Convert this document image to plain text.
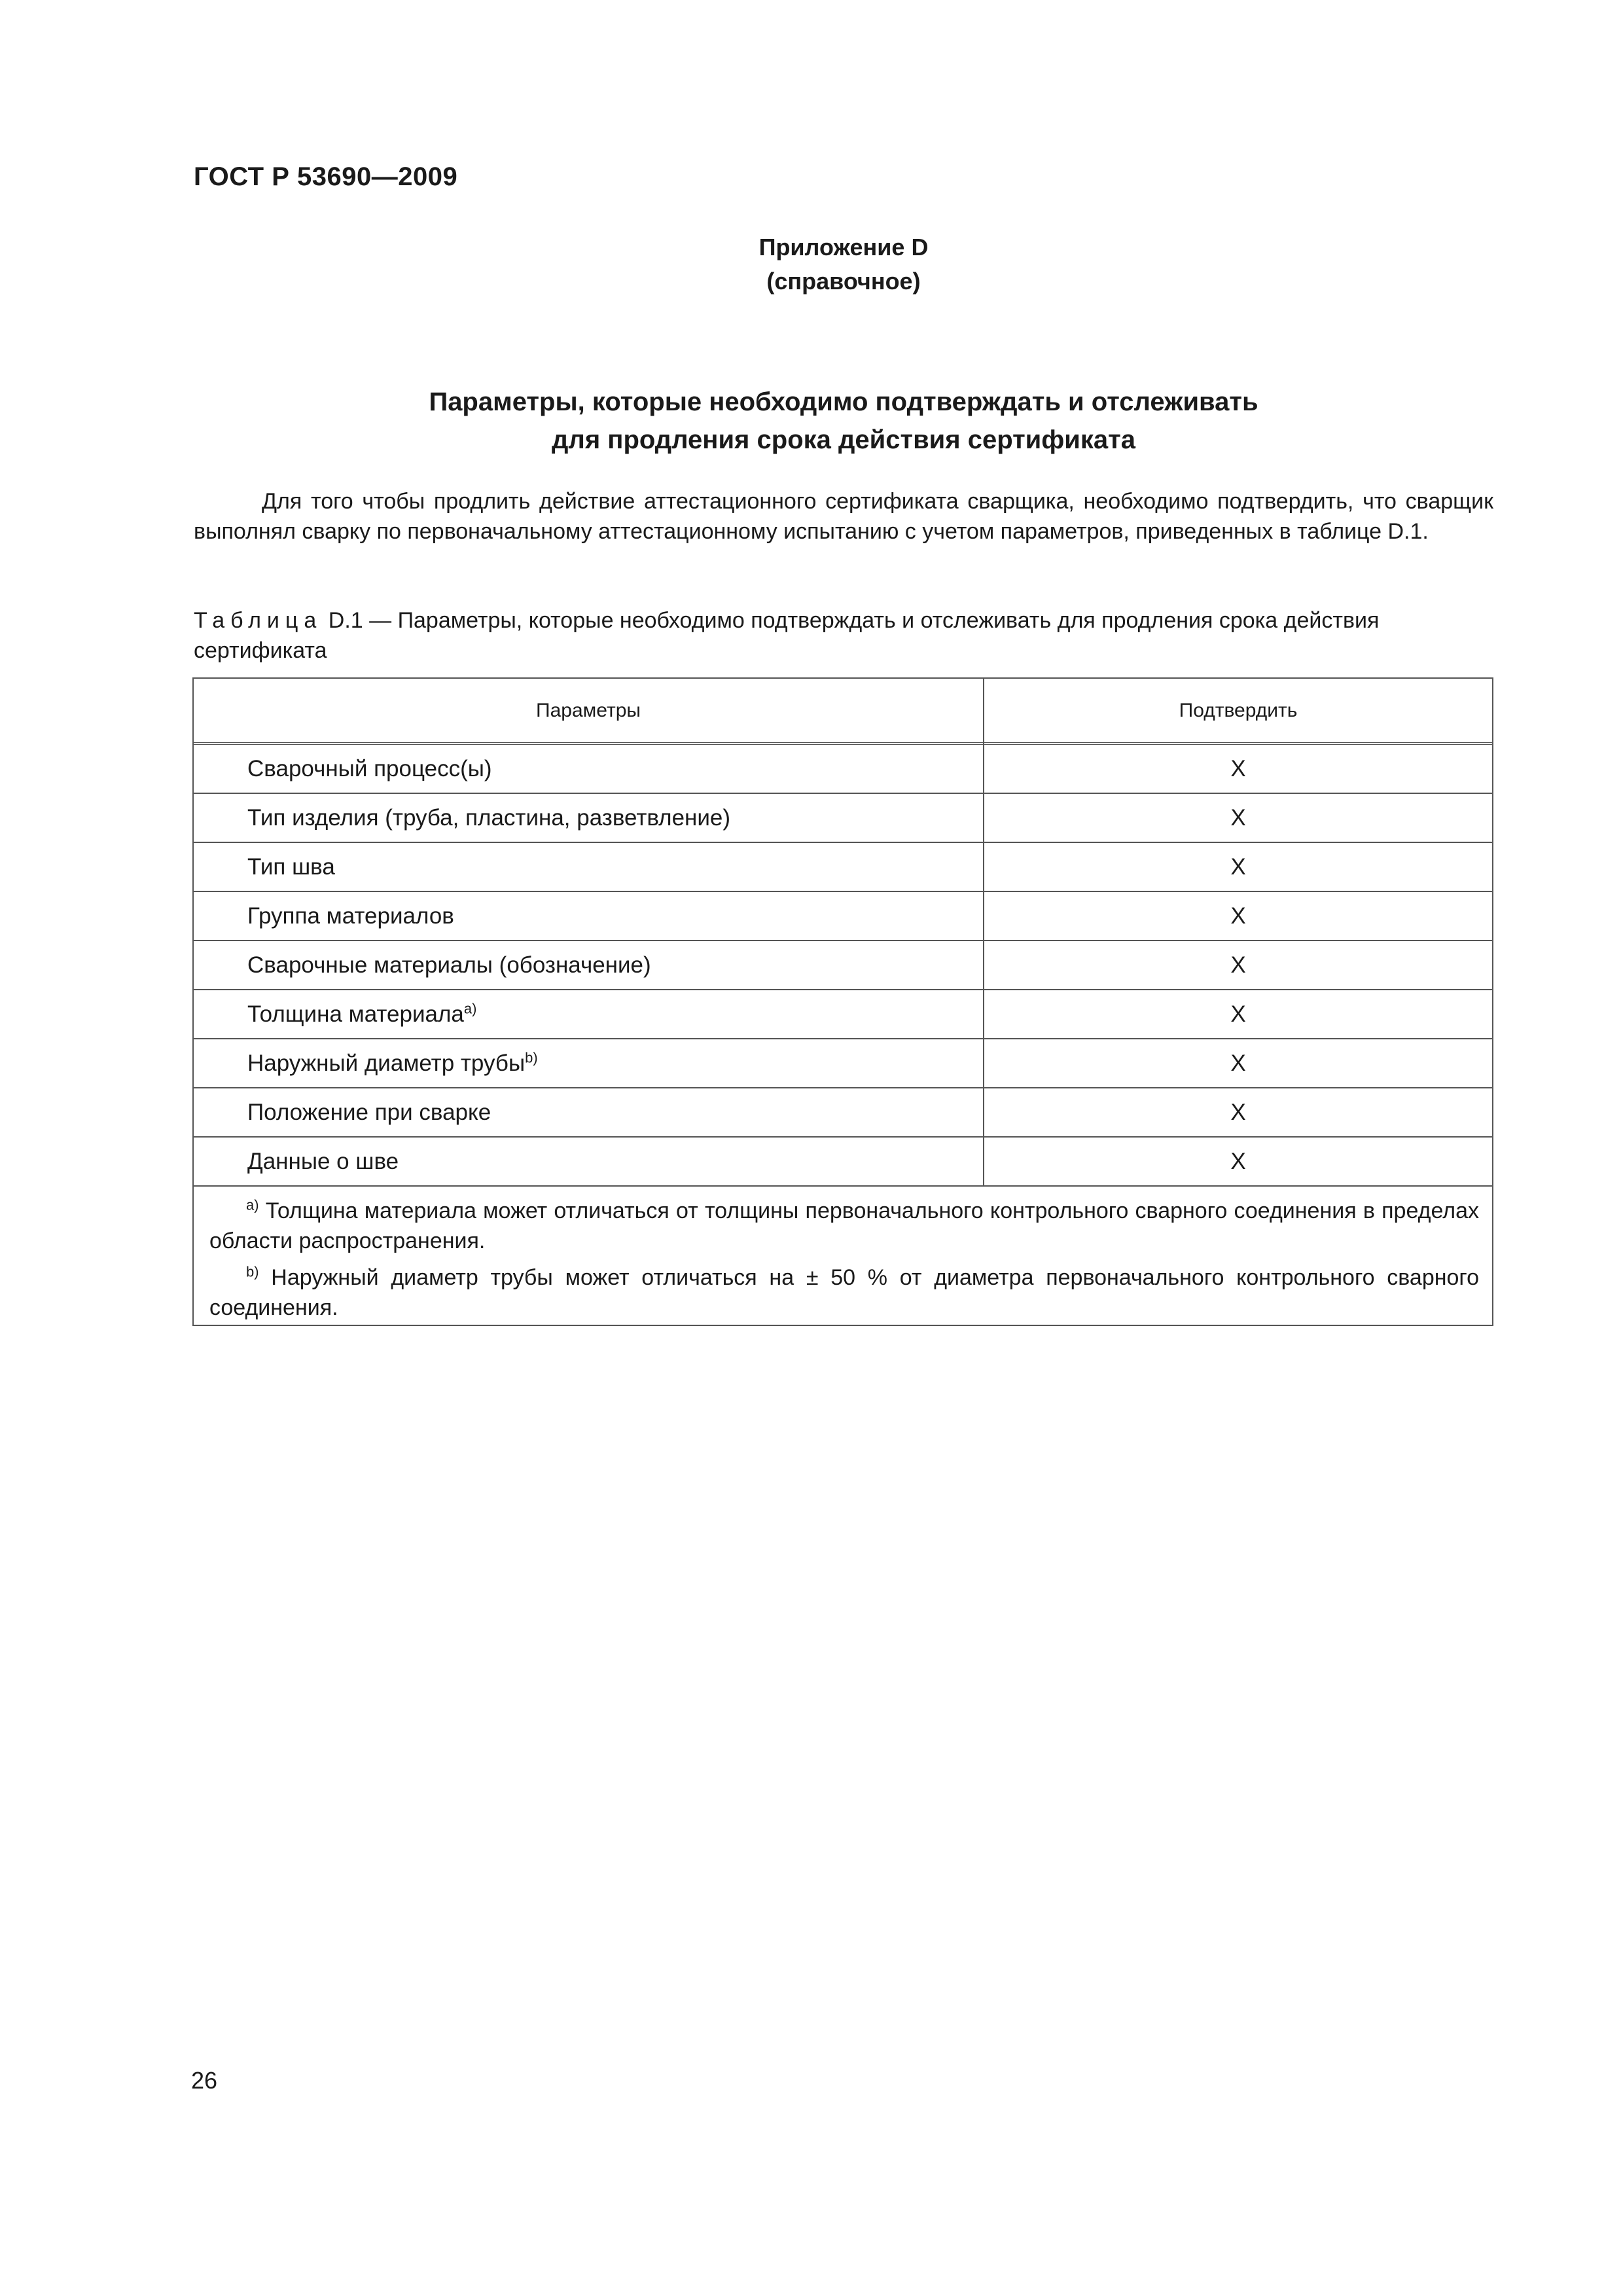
ГОСТ Р 53690—2009
Приложение D
(справочное)
Параметры, которые необходимо подтверждать и отслеживать
для продления срока действия сертификата
Для того чтобы продлить действие аттестационного сертификата сварщика, необходимо подтвердить, что сварщик выполнял сварку по первоначальному аттестационному испытанию с учетом параметров, приведенных в таблице D.1.
Таблица D.1 — Параметры, которые необходимо подтверждать и отслеживать для продления срока действия сертификата
Параметры	Подтвердить
Сварочный процесс(ы)	X
Тип изделия (труба, пластина, разветвление)	X
Тип шва	X
Группа материалов	X
Сварочные материалы (обозначение)	X
Толщина материала$^{a)}$	X
Наружный диаметр трубы$^{b)}$	X
Положение при сварке	X
Данные о шве	X

$^{a)}$ Толщина материала может отличаться от толщины первоначального контрольного сварного соединения в пределах области распространения.

$^{b)}$ Наружный диаметр трубы может отличаться на ± 50 % от диаметра первоначального контрольного сварного соединения.

26
